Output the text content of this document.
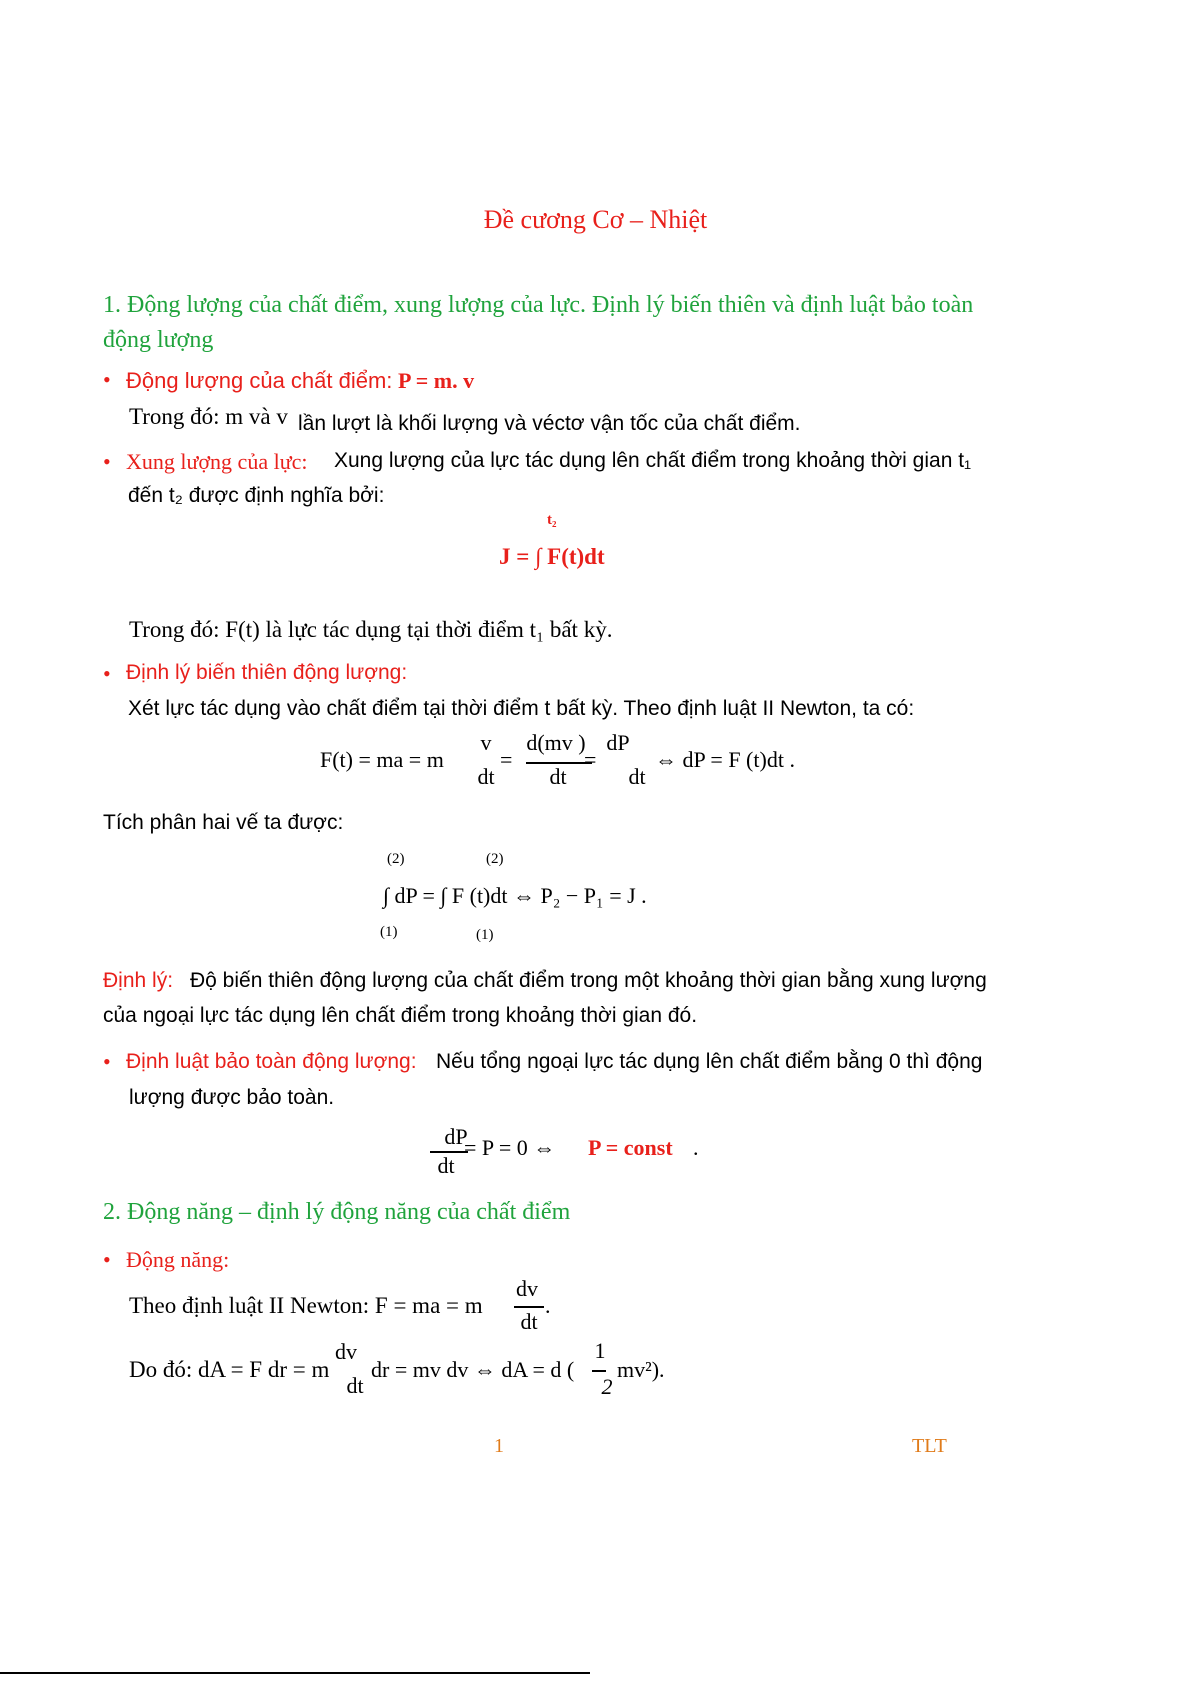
Đề cương Cơ – Nhiệt
1. Động lượng của chất điểm, xung lượng của lực. Định lý biến thiên và định luật bảo toàn
động lượng
• Động lượng của chất điểm: P = m. v
Trong đó: m và v lần lượt là khối lượng và véctơ vận tốc của chất điểm.
• Xung lượng của lực: Xung lượng của lực tác dụng lên chất điểm trong khoảng thời gian t₁
đến t₂ được định nghĩa bởi:
t₂
J = ∫ F(t)dt
Trong đó: F(t) là lực tác dụng tại thời điểm t₁ bất kỳ.
• Định lý biến thiên động lượng:
Xét lực tác dụng vào chất điểm tại thời điểm t bất kỳ. Theo định luật II Newton, ta có:
F(t) = ma = m
v
dt
=
d(mv )
dt
=
dP
dt
⇔ dP = F (t)dt .
Tích phân hai vế ta được:
(2)	(2)
∫ dP = ∫ F (t)dt ⇔ P₂ − P₁ = J .
(1)	(1)
Định lý: Độ biến thiên động lượng của chất điểm trong một khoảng thời gian bằng xung lượng
của ngoại lực tác dụng lên chất điểm trong khoảng thời gian đó.
• Định luật bảo toàn động lượng: Nếu tổng ngoại lực tác dụng lên chất điểm bằng 0 thì động
lượng được bảo toàn.
dP
dt
= P = 0 ⇔ P = const .
2. Động năng – định lý động năng của chất điểm
• Động năng:
Theo định luật II Newton: F = ma = m
dv
dt
.
Do đó: dA = F dr = m
dv
dt
dr = mv dv ⇔ dA = d (
1
2
mv²).
1	TLT
